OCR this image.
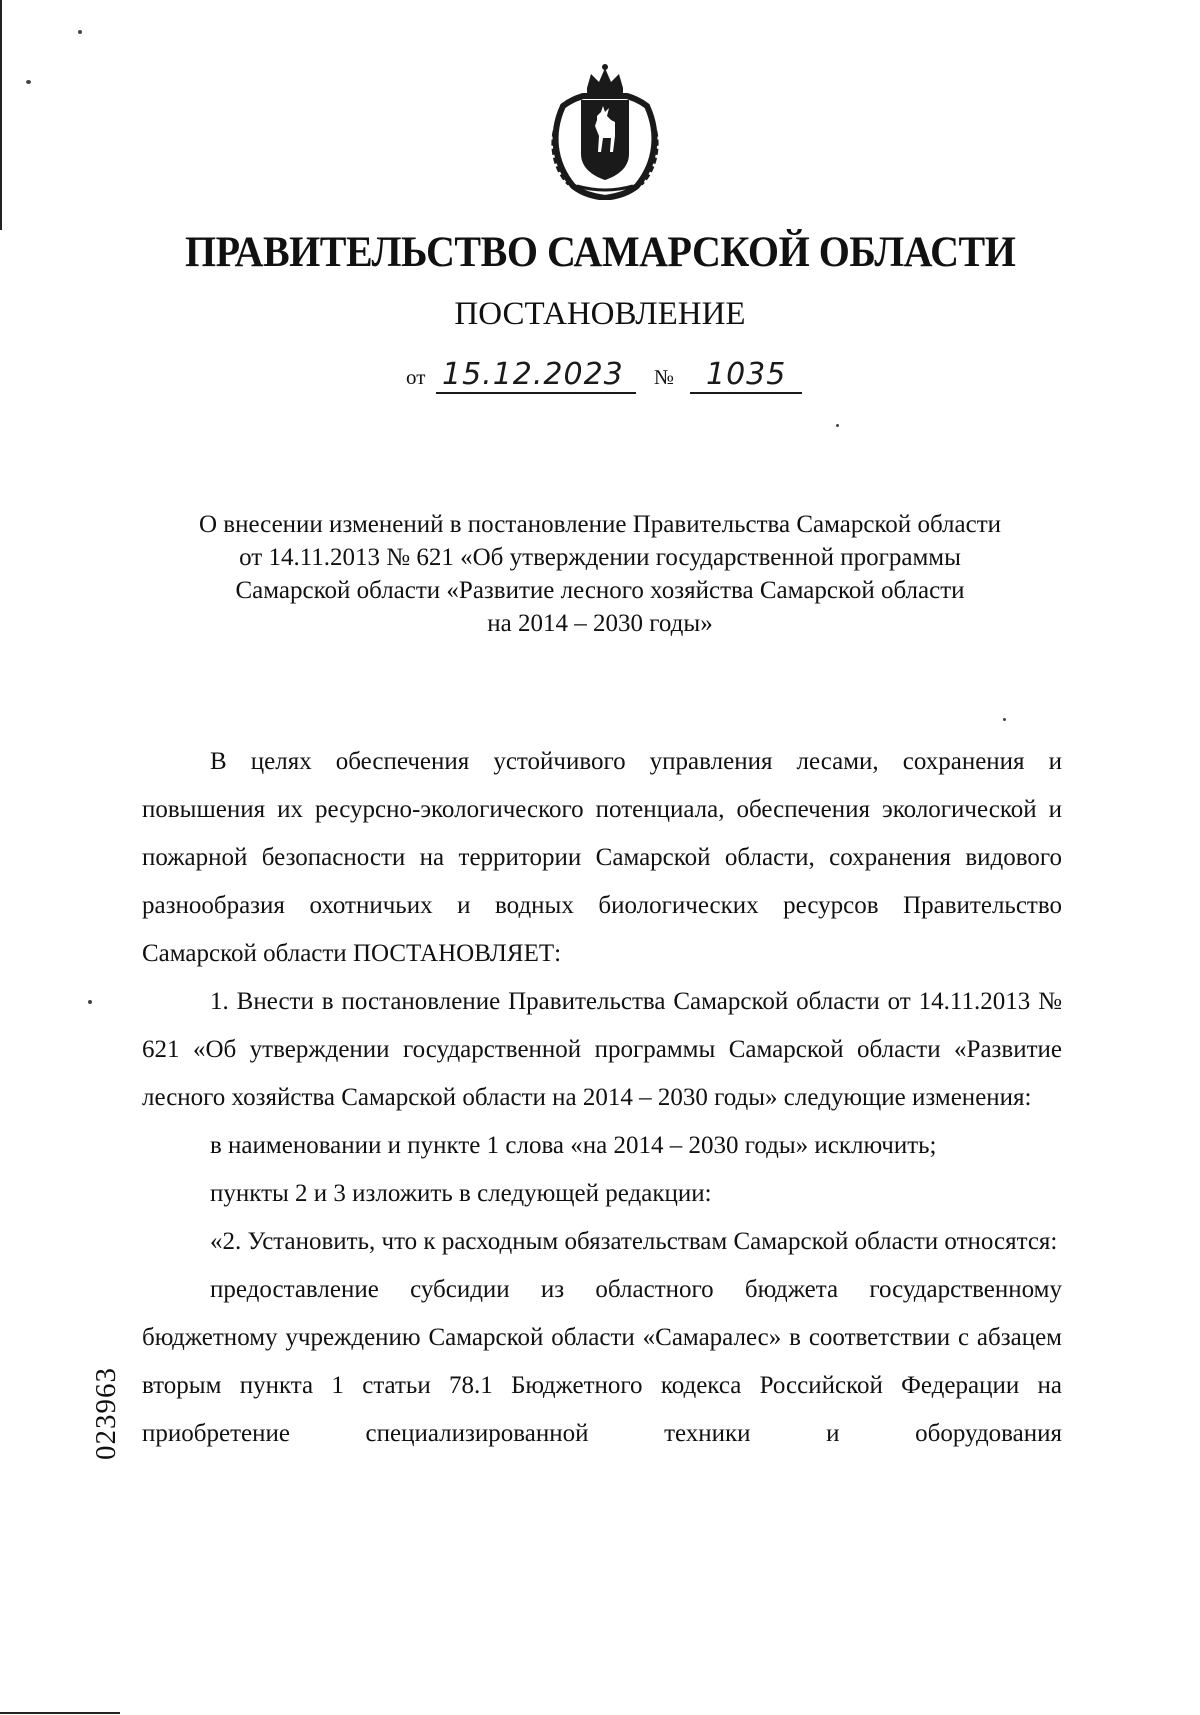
ПРАВИТЕЛЬСТВО САМАРСКОЙ ОБЛАСТИ
ПОСТАНОВЛЕНИЕ
от 15.12.2023 № 1035
О внесении изменений в постановление Правительства Самарской области
от 14.11.2013 № 621 «Об утверждении государственной программы
Самарской области «Развитие лесного хозяйства Самарской области
на 2014 – 2030 годы»

В целях обеспечения устойчивого управления лесами, сохранения и повышения их ресурсно-экологического потенциала, обеспечения экологической и пожарной безопасности на территории Самарской области, сохранения видового разнообразия охотничьих и водных биологических ресурсов Правительство Самарской области ПОСТАНОВЛЯЕТ:

1. Внести в постановление Правительства Самарской области от 14.11.2013 № 621 «Об утверждении государственной программы Самарской области «Развитие лесного хозяйства Самарской области на 2014 – 2030 годы» следующие изменения:

в наименовании и пункте 1 слова «на 2014 – 2030 годы» исключить;

пункты 2 и 3 изложить в следующей редакции:

«2. Установить, что к расходным обязательствам Самарской области относятся:

предоставление субсидии из областного бюджета государственному бюджетному учреждению Самарской области «Самаралес» в соответствии с абзацем вторым пункта 1 статьи 78.1 Бюджетного кодекса Российской Федерации на приобретение специализированной техники и оборудования

023963
